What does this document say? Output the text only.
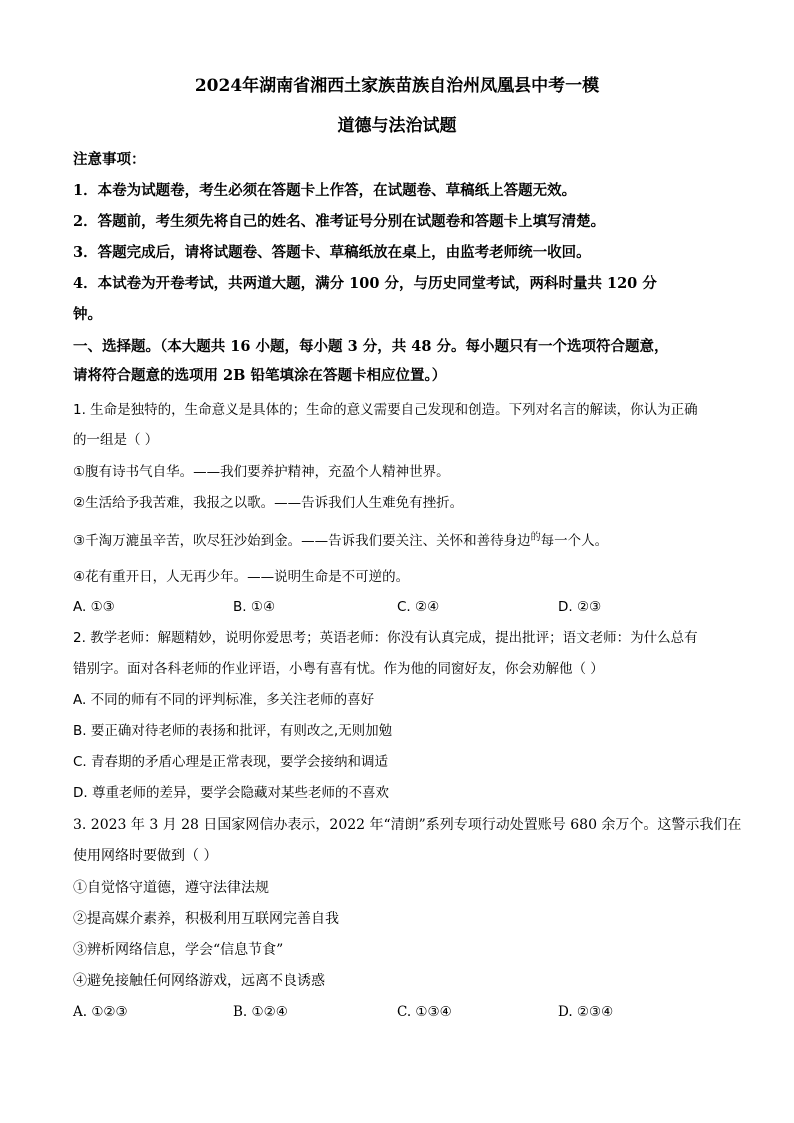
2024年湖南省湘西土家族苗族自治州凤凰县中考一模
道德与法治试题
注意事项：
1．本卷为试题卷，考生必须在答题卡上作答，在试题卷、草稿纸上答题无效。
2．答题前，考生须先将自己的姓名、准考证号分别在试题卷和答题卡上填写清楚。
3．答题完成后，请将试题卷、答题卡、草稿纸放在桌上，由监考老师统一收回。
4．本试卷为开卷考试，共两道大题，满分 100 分，与历史同堂考试，两科时量共 120 分
钟。
一、选择题。（本大题共 16 小题，每小题 3 分，共 48 分。每小题只有一个选项符合题意，
请将符合题意的选项用 2B 铅笔填涂在答题卡相应位置。）
1. 生命是独特的，生命意义是具体的；生命的意义需要自己发现和创造。下列对名言的解读，你认为正确
的一组是（ ）
①腹有诗书气自华。——我们要养护精神，充盈个人精神世界。
②生活给予我苦难，我报之以歌。——告诉我们人生难免有挫折。
③千淘万漉虽辛苦，吹尽狂沙始到金。——告诉我们要关注、关怀和善待身边$^的$每一个人。
④花有重开日，人无再少年。——说明生命是不可逆的。
A. ①③	B. ①④	C. ②④	D. ②③
2. 教学老师：解题精妙，说明你爱思考；英语老师：你没有认真完成，提出批评；语文老师：为什么总有
错别字。面对各科老师的作业评语，小粤有喜有忧。作为他的同窗好友，你会劝解他（ ）
A. 不同的师有不同的评判标准，多关注老师的喜好
B. 要正确对待老师的表扬和批评，有则改之,无则加勉
C. 青春期的矛盾心理是正常表现，要学会接纳和调适
D. 尊重老师的差异，要学会隐藏对某些老师的不喜欢
3. 2023 年 3 月 28 日国家网信办表示，2022 年“清朗”系列专项行动处置账号 680 余万个。这警示我们在
使用网络时要做到（ ）
①自觉恪守道德，遵守法律法规
②提高媒介素养，积极利用互联网完善自我
③辨析网络信息，学会“信息节食”
④避免接触任何网络游戏，远离不良诱惑
A. ①②③	B. ①②④	C. ①③④	D. ②③④
